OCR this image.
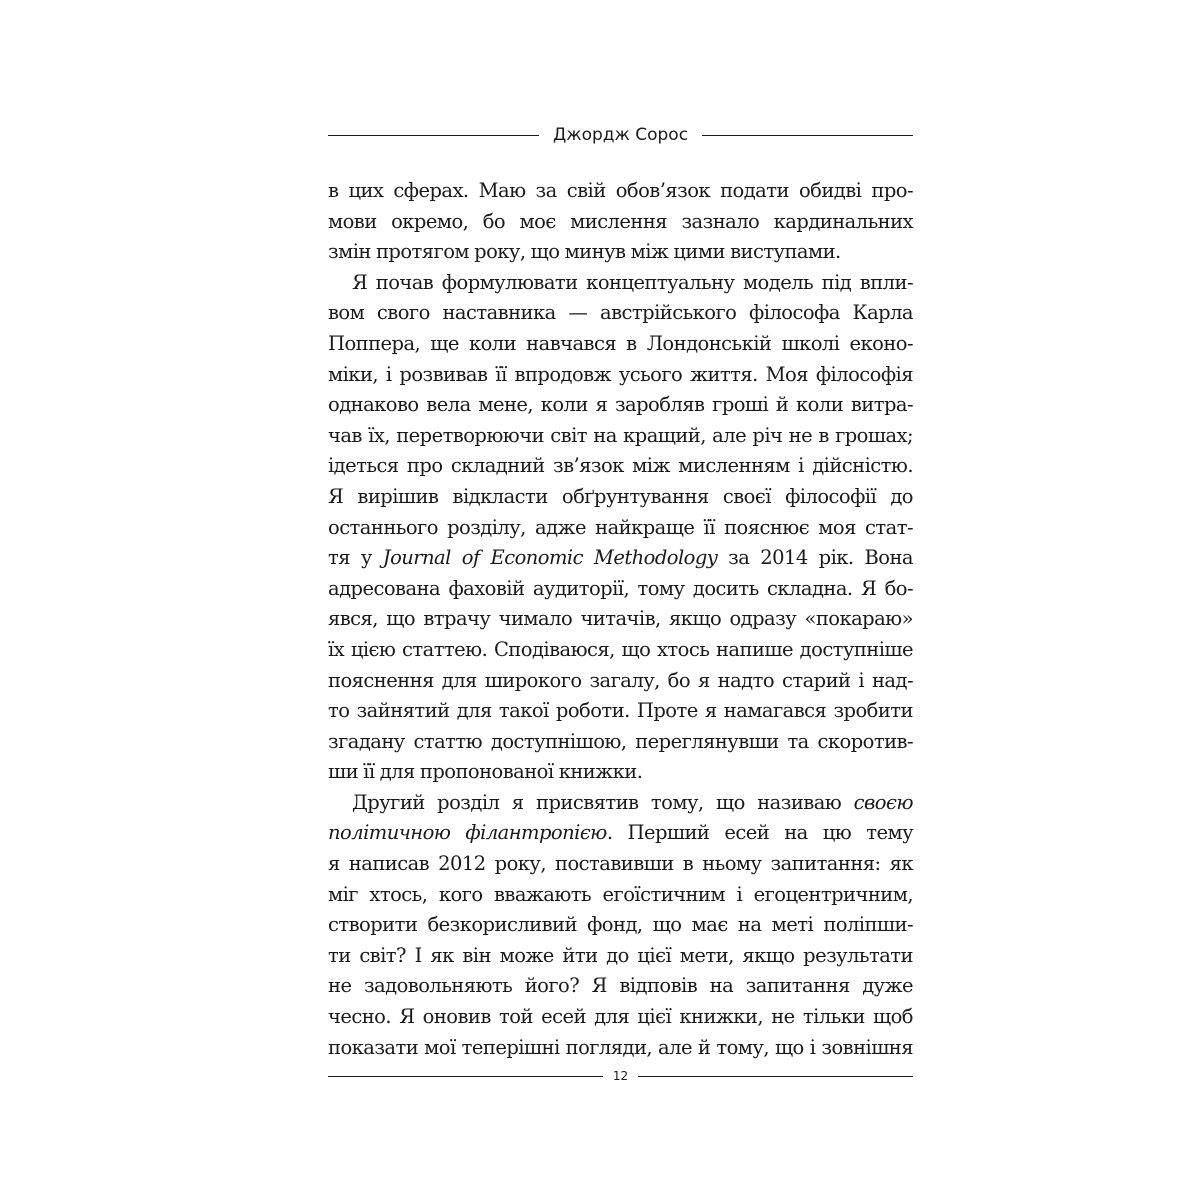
Джордж Сорос
в цих сферах. Маю за свій обов’язок подати обидві про-
мови окремо, бо моє мислення зазнало кардинальних
змін протягом року, що минув між цими виступами.
Я почав формулювати концептуальну модель під впли-
вом свого наставника — австрійського філософа Карла
Поппера, ще коли навчався в Лондонській школі еконо-
міки, і розвивав її впродовж усього життя. Моя філософія
однаково вела мене, коли я заробляв гроші й коли витра-
чав їх, перетворюючи світ на кращий, але річ не в грошах;
ідеться про складний зв’язок між мисленням і дійсністю.
Я вирішив відкласти обґрунтування своєї філософії до
останнього розділу, адже найкраще її пояснює моя стат-
тя у Journal of Economic Methodology за 2014 рік. Вона
адресована фаховій аудиторії, тому досить складна. Я бо-
явся, що втрачу чимало читачів, якщо одразу «покараю»
їх цією статтею. Сподіваюся, що хтось напише доступніше
пояснення для широкого загалу, бо я надто старий і над-
то зайнятий для такої роботи. Проте я намагався зробити
згадану статтю доступнішою, переглянувши та скоротив-
ши її для пропонованої книжки.
Другий розділ я присвятив тому, що називаю своєю
політичною філантропією. Перший есей на цю тему
я написав 2012 року, поставивши в ньому запитання: як
міг хтось, кого вважають егоїстичним і егоцентричним,
створити безкорисливий фонд, що має на меті поліпши-
ти світ? І як він може йти до цієї мети, якщо результати
не задовольняють його? Я відповів на запитання дуже
чесно. Я оновив той есей для цієї книжки, не тільки щоб
показати мої теперішні погляди, але й тому, що і зовнішня
12
